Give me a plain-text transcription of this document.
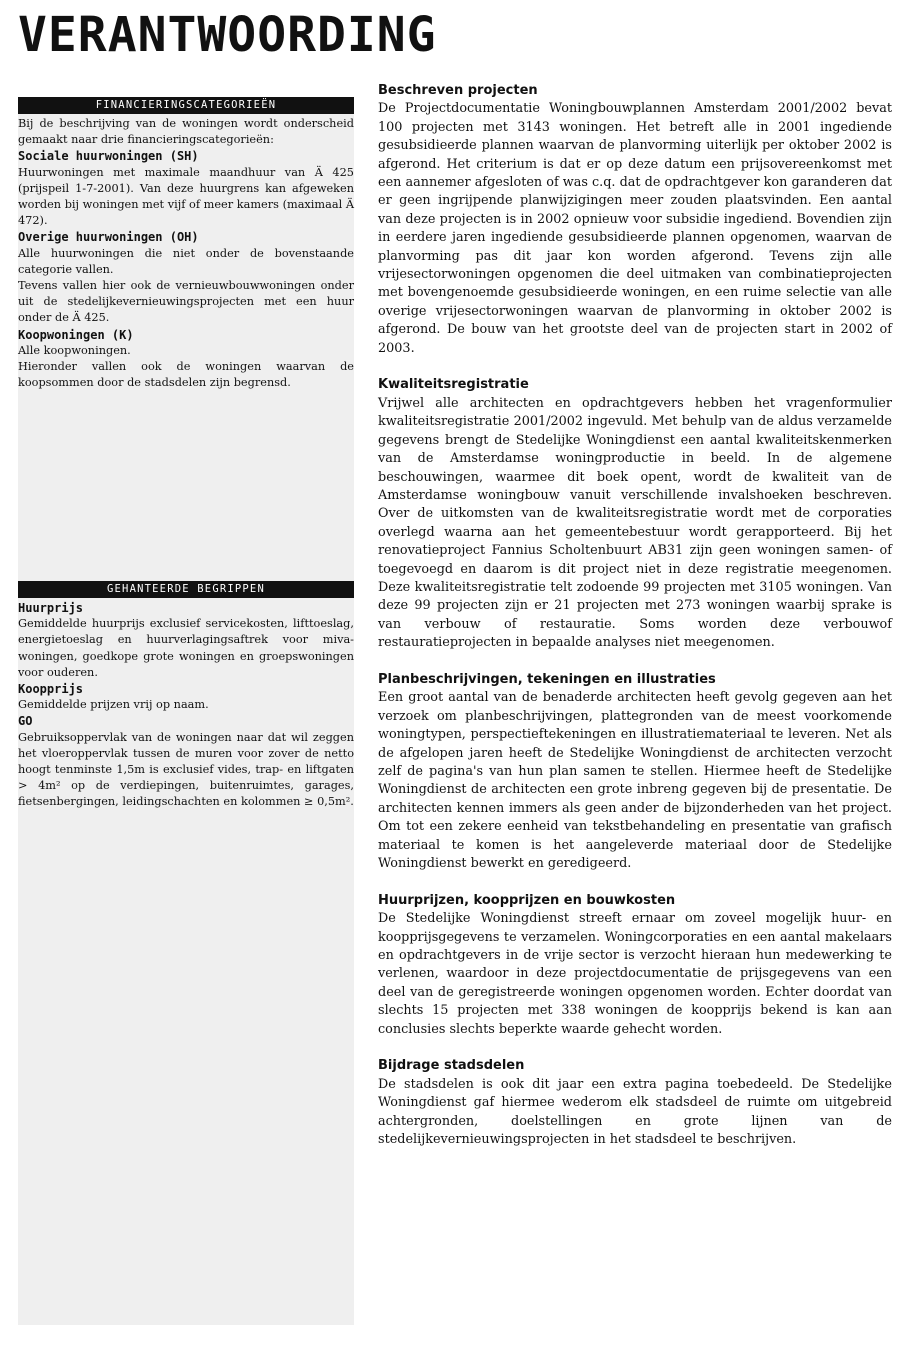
VERANTWOORDING
FINANCIERINGSCATEGORIEËN

Bij de beschrijving van de woningen wordt onderscheid gemaakt naar drie financieringscategorieën:

Sociale huurwoningen (SH)

Huurwoningen met maximale maandhuur van Ä 425 (prijspeil 1-7-2001). Van deze huurgrens kan afgeweken worden bij woningen met vijf of meer kamers (maximaal Ä 472).

Overige huurwoningen (OH)

Alle huurwoningen die niet onder de bovenstaande categorie vallen.

Tevens vallen hier ook de vernieuwbouwwoningen onder uit de stedelijkevernieuwingsprojecten met een huur onder de Ä 425.

Koopwoningen (K)

Alle koopwoningen.

Hieronder vallen ook de woningen waarvan de koopsommen door de stadsdelen zijn begrensd.

GEHANTEERDE BEGRIPPEN
Huurprijs

Gemiddelde huurprijs exclusief servicekosten, lifttoeslag, energietoeslag en huurverlagingsaftrek voor miva-woningen, goedkope grote woningen en groepswoningen voor ouderen.

Koopprijs

Gemiddelde prijzen vrij op naam.

GO

Gebruiksoppervlak van de woningen naar dat wil zeggen het vloeroppervlak tussen de muren voor zover de netto hoogt tenminste 1,5m is exclusief vides, trap- en liftgaten > 4m² op de verdiepingen, buitenruimtes, garages, fietsenbergingen, leidingschachten en kolommen ≥ 0,5m².

Beschreven projecten

De Projectdocumentatie Woningbouwplannen Amsterdam 2001/2002 bevat 100 projecten met 3143 woningen. Het betreft alle in 2001 ingediende gesubsidieerde plannen waarvan de planvorming uiterlijk per oktober 2002 is afgerond. Het criterium is dat er op deze datum een prijsovereenkomst met een aannemer afgesloten of was c.q. dat de opdrachtgever kon garanderen dat er geen ingrijpende planwijzigingen meer zouden plaatsvinden. Een aantal van deze projecten is in 2002 opnieuw voor subsidie ingediend. Bovendien zijn in eerdere jaren ingediende gesubsidieerde plannen opgenomen, waarvan de planvorming pas dit jaar kon worden afgerond. Tevens zijn alle vrijesectorwoningen opgenomen die deel uitmaken van combinatieprojecten met bovengenoemde gesubsidieerde woningen, en een ruime selectie van alle overige vrijesectorwoningen waarvan de planvorming in oktober 2002 is afgerond. De bouw van het grootste deel van de projecten start in 2002 of 2003.

Kwaliteitsregistratie

Vrijwel alle architecten en opdrachtgevers hebben het vragenformulier kwaliteitsregistratie 2001/2002 ingevuld. Met behulp van de aldus verzamelde gegevens brengt de Stedelijke Woningdienst een aantal kwaliteitskenmerken van de Amsterdamse woningproductie in beeld. In de algemene beschouwingen, waarmee dit boek opent, wordt de kwaliteit van de Amsterdamse woningbouw vanuit verschillende invalshoeken beschreven. Over de uitkomsten van de kwaliteitsregistratie wordt met de corporaties overlegd waarna aan het gemeentebestuur wordt gerapporteerd. Bij het renovatieproject Fannius Scholtenbuurt AB31 zijn geen woningen samen- of toegevoegd en daarom is dit project niet in deze registratie meegenomen. Deze kwaliteitsregistratie telt zodoende 99 projecten met 3105 woningen. Van deze 99 projecten zijn er 21 projecten met 273 woningen waarbij sprake is van verbouw of restauratie. Soms worden deze verbouwof restauratieprojecten in bepaalde analyses niet meegenomen.

Planbeschrijvingen, tekeningen en illustraties

Een groot aantal van de benaderde architecten heeft gevolg gegeven aan het verzoek om planbeschrijvingen, plattegronden van de meest voorkomende woningtypen, perspectieftekeningen en illustratiemateriaal te leveren. Net als de afgelopen jaren heeft de Stedelijke Woningdienst de architecten verzocht zelf de pagina's van hun plan samen te stellen. Hiermee heeft de Stedelijke Woningdienst de architecten een grote inbreng gegeven bij de presentatie. De architecten kennen immers als geen ander de bijzonderheden van het project. Om tot een zekere eenheid van tekstbehandeling en presentatie van grafisch materiaal te komen is het aangeleverde materiaal door de Stedelijke Woningdienst bewerkt en geredigeerd.

Huurprijzen, koopprijzen en bouwkosten

De Stedelijke Woningdienst streeft ernaar om zoveel mogelijk huur- en koopprijsgegevens te verzamelen. Woningcorporaties en een aantal makelaars en opdrachtgevers in de vrije sector is verzocht hieraan hun medewerking te verlenen, waardoor in deze projectdocumentatie de prijsgegevens van een deel van de geregistreerde woningen opgenomen worden. Echter doordat van slechts 15 projecten met 338 woningen de koopprijs bekend is kan aan conclusies slechts beperkte waarde gehecht worden.

Bijdrage stadsdelen

De stadsdelen is ook dit jaar een extra pagina toebedeeld. De Stedelijke Woningdienst gaf hiermee wederom elk stadsdeel de ruimte om uitgebreid achtergronden, doelstellingen en grote lijnen van de stedelijkevernieuwingsprojecten in het stadsdeel te beschrijven.
